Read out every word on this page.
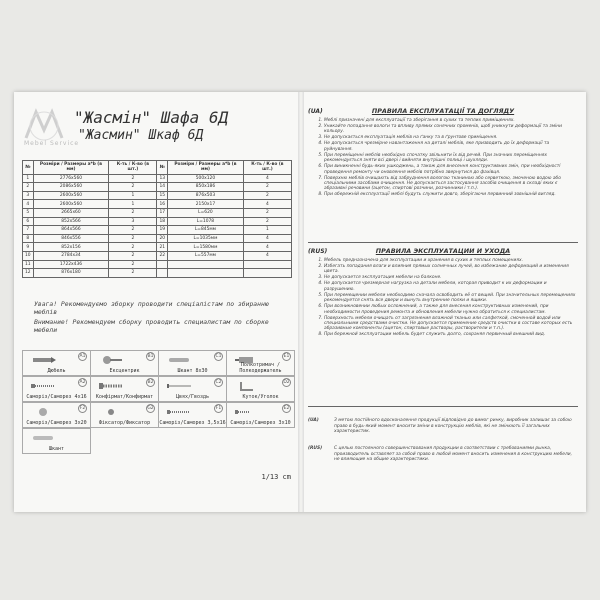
Mebel Service
"Жасмін" Шафа 6Д
"Жасмин" Шкаф 6Д
№	Розміри / Размеры a*b (в мм)	К-ть / К-во (в шт.)	№	Розміри / Размеры a*b (в мм)	К-ть / К-во (в шт.)
1	2776х560	2	13	500х120	4
2	2086х560	2	14	850х186	2
3	2600х560	1	15	876х503	2
4	2600х560	1	16	2150х17	4
5	2665х60	2	17	L=620	2
6	852х566	3	18	L=1078	2
7	864х566	2	19	L=845мм	1
8	846х556	2	20	L=1035мм	4
9	852х156	2	21	L=1580мм	4
10	2784х34	2	22	L=557мм	4
11	1722х436	2			
12	876х180	2			
Увага! Рекомендуємо зборку проводити спеціалістам по збиранню меблів
Внимание! Рекомендуем сборку проводить специалистам по сборке мебели
A1
Дюбель
B1
Ексцентрик
C1
Шкант 8х30
E1
Полкотримач / Полкодержатель
A2
Саморіз/Саморез 4х16
B2
Конфірмат/Конфирмат
C2
Цвях/Гвоздь
D2
Куток/Уголок
F2
Саморіз/Саморез 3х20
G2
Фіксатор/Фиксатор
F1
Саморіз/Саморез 3,5х16
E2
Саморіз/Саморез 3х10
Шкант
1/13 cm
(UA)	ПРАВИЛА ЕКСПЛУАТАЦІЇ ТА ДОГЛЯДУ
1. Меблі призначені для експлуатації та зберігання в сухих та теплих приміщеннях.
2. Уникайте попадання вологи та впливу прямих сонячних променів, щоб уникнути деформації та зміни кольору.
3. Не допускається експлуатація меблів на ґанку та в ґрунтове приміщення.
4. Не допускається чрезмірне навантаження на деталі меблів, яке призводить до їх деформації та руйнування.
5. При переміщенні меблів необхідно спочатку звільнити їх від речей. При значних переміщеннях рекомендується зняти всі двері і вийняти внутрішні полиці і шухляди.
6. При виникненні будь-яких ушкоджень, а також для внесення конструктивних змін, при необхідності проведення ремонту чи оновлення меблів потрібно звернутися до фахівця.
7. Поверхню меблів очищають від забруднення вологою тканиною або серветкою, змоченою водою або спеціальними засобами очищення. Не допускається застосування засобів очищення в складі яких є абразивні речовини (ацетон, спиртові розчини, розчинники і т.п.).
8. При обережній експлуатації меблі будуть служити довго, зберігаючи первинний зовнішній вигляд.
(RUS)	ПРАВИЛА ЭКСПЛУАТАЦИИ И УХОДА
1. Мебель предназначена для эксплуатации и хранения в сухих и теплых помещениях.
2. Избегать попадания влаги и влияния прямых солнечных лучей, во избежание деформаций и изменения цвета.
3. Не допускается эксплуатация мебели на балконе.
4. Не допускается чрезмерная нагрузка на детали мебели, которая приводит к их деформации и разрушению.
5. При перемещении мебели необходимо сначала освободить её от вещей. При значительных перемещениях рекомендуется снять все двери и вынуть внутренние полки и ящики.
6. При возникновении любых осложнений, а также для внесения конструктивных изменений, при необходимости проведения ремонта и обновления мебели нужно обратиться к специалистам.
7. Поверхность мебели очищать от загрязнения влажной тканью или салфеткой, смоченной водой или специальными средствами очистки. Не допускается применение средств очистки в составе которых есть абразивные компоненты (ацетон, спиртовые растворы, растворители и т.п.).
8. При бережной эксплуатации мебель будет служить долго, сохраняя первичный внешний вид.
(UA)	З метою постійного вдосконалення продукції відповідно до вимог ринку, виробник залишає за собою право в будь-який момент вносити зміни в конструкцію меблів, які не змінюють її загальних характеристик.
(RUS)	С целью постоянного совершенствования продукции в соответствии с требованиями рынка, производитель оставляет за собой право в любой момент вносить изменения в конструкцию мебели, не влияющие на общие характеристики.
